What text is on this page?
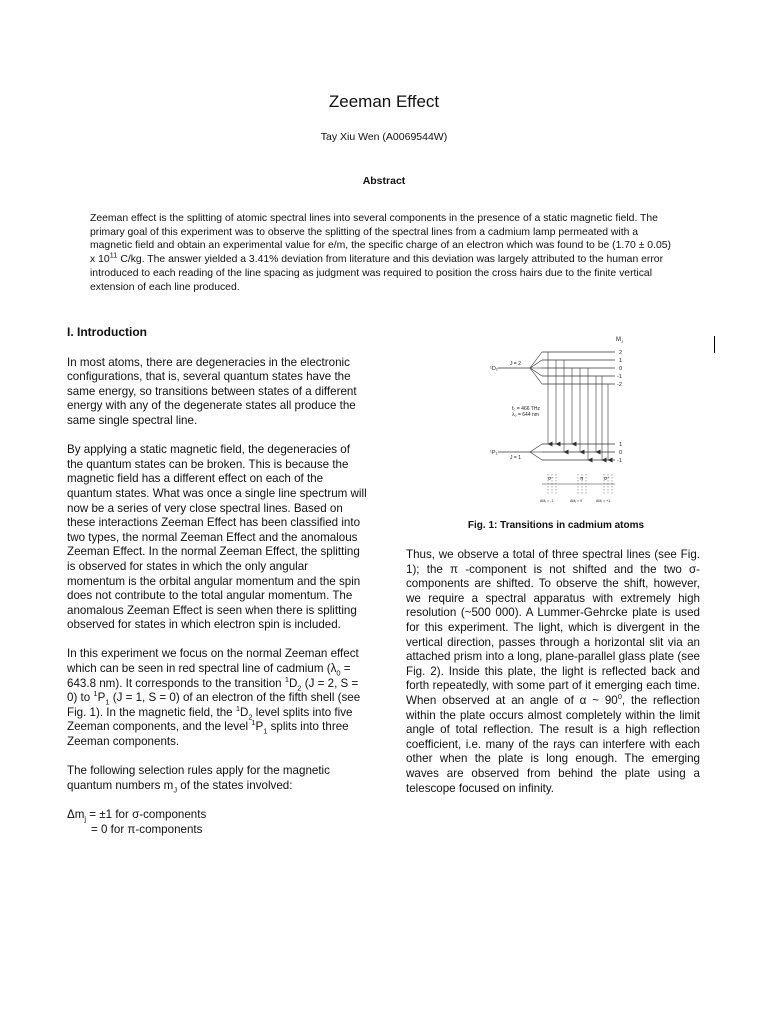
Zeeman Effect
Tay Xiu Wen (A0069544W)
Abstract

Zeeman effect is the splitting of atomic spectral lines into several components in the presence of a static magnetic field. The primary goal of this experiment was to observe the splitting of the spectral lines from a cadmium lamp permeated with a magnetic field and obtain an experimental value for e/m, the specific charge of an electron which was found to be (1.70 ± 0.05) x $10^{11}$ C/kg. The answer yielded a 3.41% deviation from literature and this deviation was largely attributed to the human error introduced to each reading of the line spacing as judgment was required to position the cross hairs due to the finite vertical extension of each line produced.

I. Introduction

In most atoms, there are degeneracies in the electronic configurations, that is, several quantum states have the same energy, so transitions between states of a different energy with any of the degenerate states all produce the same single spectral line.

By applying a static magnetic field, the degeneracies of the quantum states can be broken. This is because the magnetic field has a different effect on each of the quantum states. What was once a single line spectrum will now be a series of very close spectral lines. Based on these interactions Zeeman Effect has been classified into two types, the normal Zeeman Effect and the anomalous Zeeman Effect. In the normal Zeeman Effect, the splitting is observed for states in which the only angular momentum is the orbital angular momentum and the spin does not contribute to the total angular momentum. The anomalous Zeeman Effect is seen when there is splitting observed for states in which electron spin is included.

In this experiment we focus on the normal Zeeman effect which can be seen in red spectral line of cadmium ($\lambda_0 = 643.8$ nm). It corresponds to the transition $^1D_2$ (J = 2, S = 0) to $^1P_1$ (J = 1, S = 0) of an electron of the fifth shell (see Fig. 1). In the magnetic field, the $^1D_2$ level splits into five Zeeman components, and the level $^1P_1$ splits into three Zeeman components.

The following selection rules apply for the magnetic quantum numbers $m_J$ of the states involved:

$\Delta m_j = \pm 1$ for σ-components
= 0 for π-components
$M_J$
¹D₂
J = 2
2
1
0
-1
-2
f₀ = 466 THz
λ₀ = 644 nm
¹P₁
J = 1
1
0
-1
σ⁻	π	σ⁺
ΔMⱼ = -1	ΔMⱼ = 0	ΔMⱼ = +1
Fig. 1: Transitions in cadmium atoms

Thus, we observe a total of three spectral lines (see Fig. 1); the π -component is not shifted and the two σ-components are shifted. To observe the shift, however, we require a spectral apparatus with extremely high resolution (~500 000). A Lummer-Gehrcke plate is used for this experiment. The light, which is divergent in the vertical direction, passes through a horizontal slit via an attached prism into a long, plane-parallel glass plate (see Fig. 2). Inside this plate, the light is reflected back and forth repeatedly, with some part of it emerging each time. When observed at an angle of α ~ $90^0$, the reflection within the plate occurs almost completely within the limit angle of total reflection. The result is a high reflection coefficient, i.e. many of the rays can interfere with each other when the plate is long enough. The emerging waves are observed from behind the plate using a telescope focused on infinity.
